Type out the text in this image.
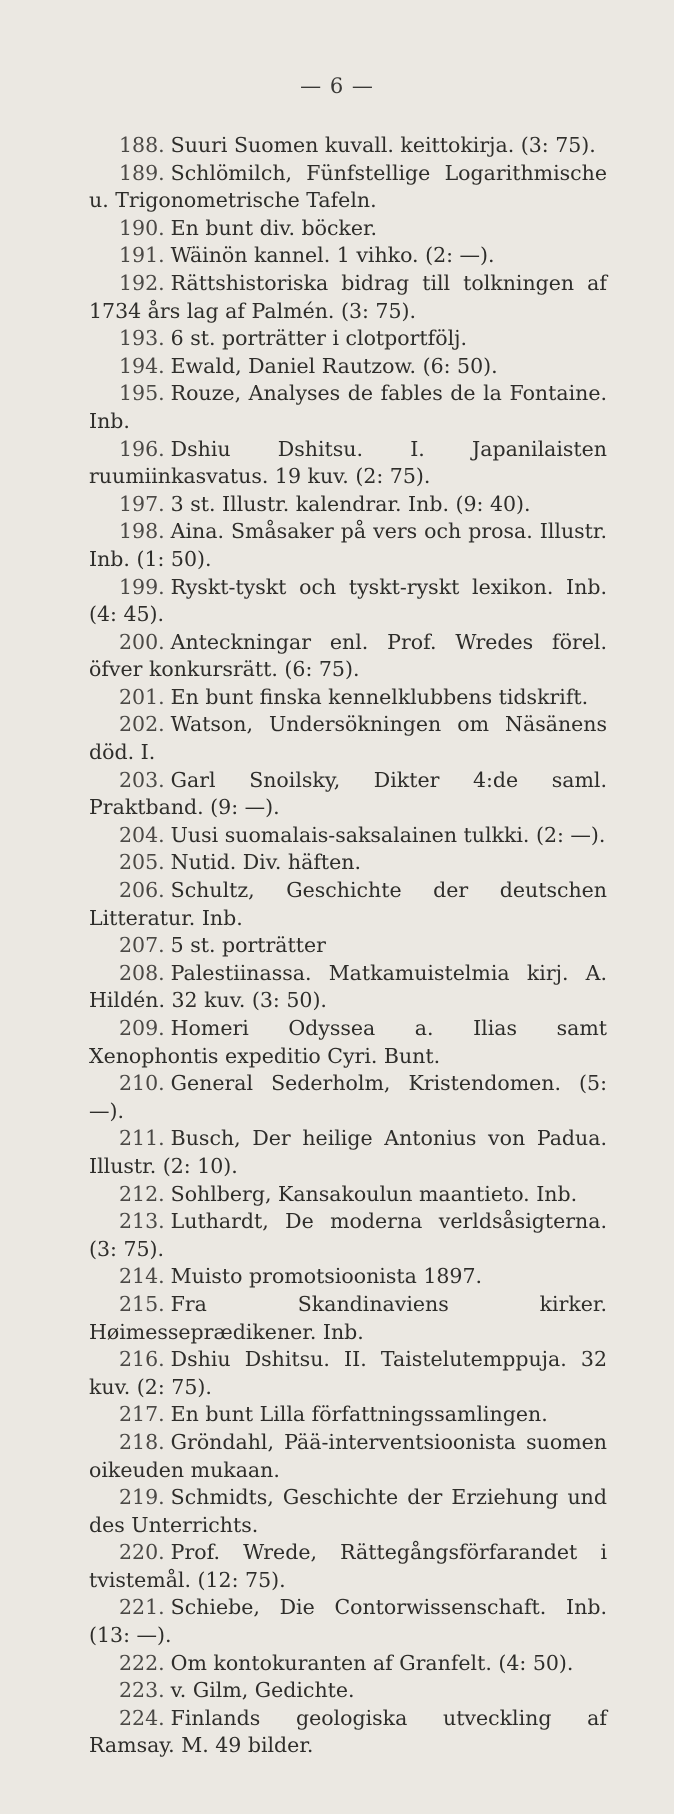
— 6 —

188. Suuri Suomen kuvall. keittokirja. (3: 75).

189. Schlömilch, Fünfstellige Logarithmische u. Trigonometrische Tafeln.

190. En bunt div. böcker.

191. Wäinön kannel. 1 vihko. (2: —).

192. Rättshistoriska bidrag till tolkningen af 1734 års lag af Palmén. (3: 75).

193. 6 st. porträtter i clotportfölj.

194. Ewald, Daniel Rautzow. (6: 50).

195. Rouze, Analyses de fables de la Fontaine. Inb.

196. Dshiu Dshitsu. I. Japanilaisten ruumiinkasvatus. 19 kuv. (2: 75).

197. 3 st. Illustr. kalendrar. Inb. (9: 40).

198. Aina. Småsaker på vers och prosa. Illustr. Inb. (1: 50).

199. Ryskt-tyskt och tyskt-ryskt lexikon. Inb. (4: 45).

200. Anteckningar enl. Prof. Wredes förel. öfver konkursrätt. (6: 75).

201. En bunt finska kennelklubbens tidskrift.

202. Watson, Undersökningen om Näsänens död. I.

203. Garl Snoilsky, Dikter 4:de saml. Praktband. (9: —).

204. Uusi suomalais-saksalainen tulkki. (2: —).

205. Nutid. Div. häften.

206. Schultz, Geschichte der deutschen Litteratur. Inb.

207. 5 st. porträtter

208. Palestiinassa. Matkamuistelmia kirj. A. Hildén. 32 kuv. (3: 50).

209. Homeri Odyssea a. Ilias samt Xenophontis expeditio Cyri. Bunt.

210. General Sederholm, Kristendomen. (5: —).

211. Busch, Der heilige Antonius von Padua. Illustr. (2: 10).

212. Sohlberg, Kansakoulun maantieto. Inb.

213. Luthardt, De moderna verldsåsigterna. (3: 75).

214. Muisto promotsioonista 1897.

215. Fra Skandinaviens kirker. Høimesseprædikener. Inb.

216. Dshiu Dshitsu. II. Taistelutemppuja. 32 kuv. (2: 75).

217. En bunt Lilla författningssamlingen.

218. Gröndahl, Pää-interventsioonista suomen oikeuden mukaan.

219. Schmidts, Geschichte der Erziehung und des Unterrichts.

220. Prof. Wrede, Rättegångsförfarandet i tvistemål. (12: 75).

221. Schiebe, Die Contorwissenschaft. Inb. (13: —).

222. Om kontokuranten af Granfelt. (4: 50).

223. v. Gilm, Gedichte.

224. Finlands geologiska utveckling af Ramsay. M. 49 bilder.
